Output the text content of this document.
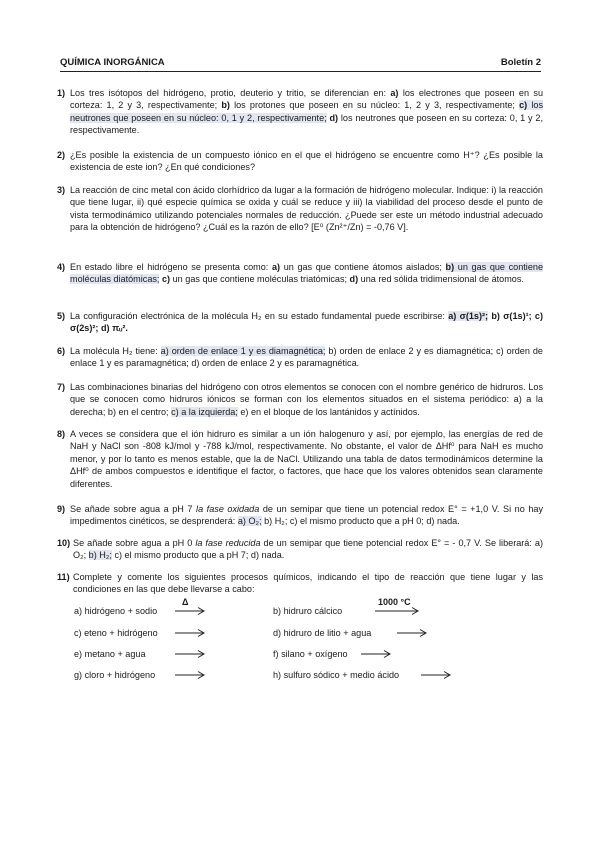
QUÍMICA INORGÁNICA	Boletín 2
1) Los tres isótopos del hidrógeno, protio, deuterio y tritio, se diferencian en: a) los electrones que poseen en su corteza: 1, 2 y 3, respectivamente; b) los protones que poseen en su núcleo: 1, 2 y 3, respectivamente; c) los neutrones que poseen en su núcleo: 0, 1 y 2, respectivamente; d) los neutrones que poseen en su corteza: 0, 1 y 2, respectivamente.
2) ¿Es posible la existencia de un compuesto iónico en el que el hidrógeno se encuentre como H⁺? ¿Es posible la existencia de este ion? ¿En qué condiciones?
3) La reacción de cinc metal con ácido clorhídrico da lugar a la formación de hidrógeno molecular. Indique: i) la reacción que tiene lugar, ii) qué especie química se oxida y cuál se reduce y iii) la viabilidad del proceso desde el punto de vista termodinámico utilizando potenciales normales de reducción. ¿Puede ser este un método industrial adecuado para la obtención de hidrógeno? ¿Cuál es la razón de ello? [E⁰ (Zn²⁺/Zn) = -0,76 V].
4) En estado libre el hidrógeno se presenta como: a) un gas que contiene átomos aislados; b) un gas que contiene moléculas diatómicas; c) un gas que contiene moléculas triatómicas; d) una red sólida tridimensional de átomos.
5) La configuración electrónica de la molécula H₂ en su estado fundamental puede escribirse: a) σ(1s)²; b) σ(1s)¹; c) σ(2s)²; d) πᵤ².
6) La molécula H₂ tiene: a) orden de enlace 1 y es diamagnética; b) orden de enlace 2 y es diamagnética; c) orden de enlace 1 y es paramagnética; d) orden de enlace 2 y es paramagnética.
7) Las combinaciones binarias del hidrógeno con otros elementos se conocen con el nombre genérico de hidruros. Los que se conocen como hidruros iónicos se forman con los elementos situados en el sistema periódico: a) a la derecha; b) en el centro; c) a la izquierda; e) en el bloque de los lantánidos y actínidos.
8) A veces se considera que el ión hidruro es similar a un ión halogenuro y así, por ejemplo, las energías de red de NaH y NaCl son -808 kJ/mol y -788 kJ/mol, respectivamente. No obstante, el valor de ΔHf⁰ para NaH es mucho menor, y por lo tanto es menos estable, que la de NaCl. Utilizando una tabla de datos termodinámicos determine la ΔHf⁰ de ambos compuestos e identifique el factor, o factores, que hace que los valores obtenidos sean claramente diferentes.
9) Se añade sobre agua a pH 7 la fase oxidada de un semipar que tiene un potencial redox E° = +1,0 V. Si no hay impedimentos cinéticos, se desprenderá: a) O₂; b) H₂; c) el mismo producto que a pH 0; d) nada.
10) Se añade sobre agua a pH 0 la fase reducida de un semipar que tiene potencial redox E° = - 0,7 V. Se liberará: a) O₂; b) H₂; c) el mismo producto que a pH 7; d) nada.
11) Complete y comente los siguientes procesos químicos, indicando el tipo de reacción que tiene lugar y las condiciones en las que debe llevarse a cabo:
a) hidrógeno + sodio
c) eteno + hidrógeno
e) metano + agua
g) cloro + hidrógeno
b) hidruro cálcico
d) hidruro de litio + agua
f) silano + oxígeno
h) sulfuro sódico + medio ácido
Δ	1000 °C
